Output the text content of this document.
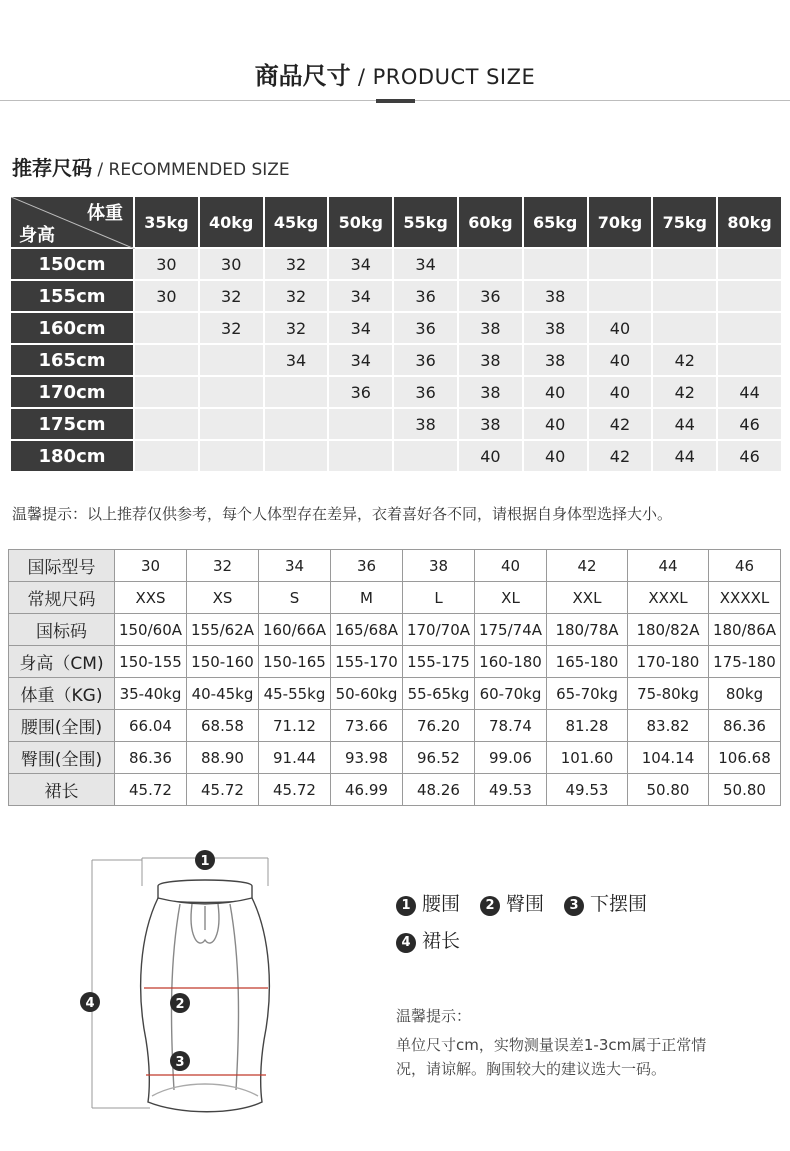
商品尺寸 / PRODUCT SIZE
推荐尺码 / RECOMMENDED SIZE
体重
身高	35kg	40kg	45kg	50kg	55kg	60kg	65kg	70kg	75kg	80kg
150cm	30	30	32	34	34					
155cm	30	32	32	34	36	36	38			
160cm		32	32	34	36	38	38	40		
165cm			34	34	36	38	38	40	42	
170cm				36	36	38	40	40	42	44
175cm					38	38	40	42	44	46
180cm						40	40	42	44	46
温馨提示：以上推荐仅供参考，每个人体型存在差异，衣着喜好各不同，请根据自身体型选择大小。
国际型号	30	32	34	36	38	40	42	44	46
常规尺码	XXS	XS	S	M	L	XL	XXL	XXXL	XXXXL
国标码	150/60A	155/62A	160/66A	165/68A	170/70A	175/74A	180/78A	180/82A	180/86A
身高（CM)	150-155	150-160	150-165	155-170	155-175	160-180	165-180	170-180	175-180
体重（KG)	35-40kg	40-45kg	45-55kg	50-60kg	55-65kg	60-70kg	65-70kg	75-80kg	80kg
腰围(全围)	66.04	68.58	71.12	73.66	76.20	78.74	81.28	83.82	86.36
臀围(全围)	86.36	88.90	91.44	93.98	96.52	99.06	101.60	104.14	106.68
裙长	45.72	45.72	45.72	46.99	48.26	49.53	49.53	50.80	50.80
1
2
3
4
1 腰围 2 臀围 3 下摆围
4 裙长
温馨提示：
单位尺寸cm，实物测量误差1-3cm属于正常情况，请谅解。胸围较大的建议选大一码。
